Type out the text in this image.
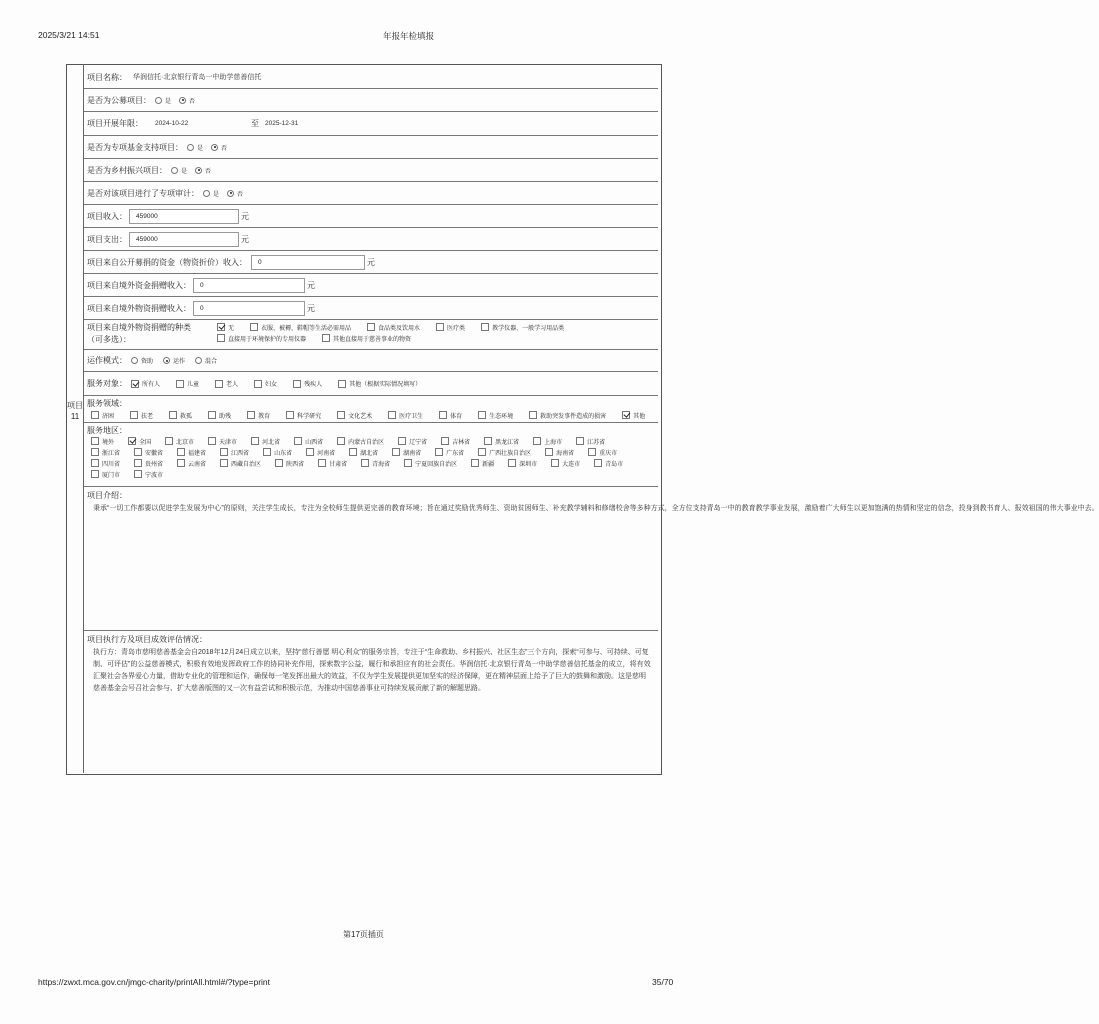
2025/3/21 14:51	年报年检填报
项目11
项目名称： 华润信托·北京银行青岛一中助学慈善信托
是否为公募项目： 是	否
项目开展年限： 2024-10-22	至 2025-12-31
是否为专项基金支持项目： 是	否
是否为乡村振兴项目： 是	否
是否对该项目进行了专项审计： 是	否
项目收入：	459000	元
项目支出：	459000	元
项目来自公开募捐的资金（物资折价）收入：	0	元
项目来自境外资金捐赠收入：	0	元
项目来自境外物资捐赠收入：	0	元
项目来自境外物资捐赠的种类
（可多选）：
无	衣服、被褥、鞋帽等生活必需用品	食品类及饮用水	医疗类	教学仪器、一般学习用品类
直接用于环境保护的专用仪器	其他直接用于慈善事业的物资
运作模式：	资助	运作	混合
服务对象：	所有人	儿童	老人	妇女	残疾人	其他（根据实际情况填写）
服务领域：
济困	扶老	救孤	助残	教育	科学研究	文化艺术	医疗卫生	体育	生态环境	救助突发事件造成的损害	其他
服务地区：
境外	全国	北京市	天津市	河北省	山西省	内蒙古自治区	辽宁省	吉林省	黑龙江省	上海市	江苏省
浙江省	安徽省	福建省	江西省	山东省	河南省	湖北省	湖南省	广东省	广西壮族自治区	海南省	重庆市
四川省	贵州省	云南省	西藏自治区	陕西省	甘肃省	青海省	宁夏回族自治区	新疆	深圳市	大连市	青岛市
厦门市	宁波市
项目介绍：
秉承“一切工作都要以促进学生发展为中心”的原则，关注学生成长，专注为全校师生提供更完善的教育环境；旨在通过奖励优秀师生、资助贫困师生、补充教学辅料和修缮校舍等多种方式，全方位支持青岛一中的教育教学事业发展，激励着广大师生以更加饱满的热情和坚定的信念，投身到教书育人、报效祖国的伟大事业中去。
项目执行方及项目成效评估情况：
执行方：青岛市慈明慈善基金会自2018年12月24日成立以来，坚持“慈行善愿 明心利众”的服务宗旨，专注于“生命救助、乡村振兴、社区生态”三个方向，探索“可参与、可持续、可复制、可评估”的公益慈善模式，积极有效地发挥政府工作的协同补充作用，探索数字公益，履行和承担应有的社会责任。华润信托·北京银行青岛一中助学慈善信托基金的成立，将有效汇聚社会各界爱心力量，借助专业化的管理和运作，确保每一笔发挥出最大的效益，不仅为学生发展提供更加坚实的经济保障，更在精神层面上给予了巨大的鼓舞和激励。这是慈明慈善基金会号召社会参与、扩大慈善版图的又一次有益尝试和积极示范，为推动中国慈善事业可持续发展贡献了新的解题思路。
第17页插页
https://zwxt.mca.gov.cn/jmgc-charity/printAll.html#/?type=print	35/70
